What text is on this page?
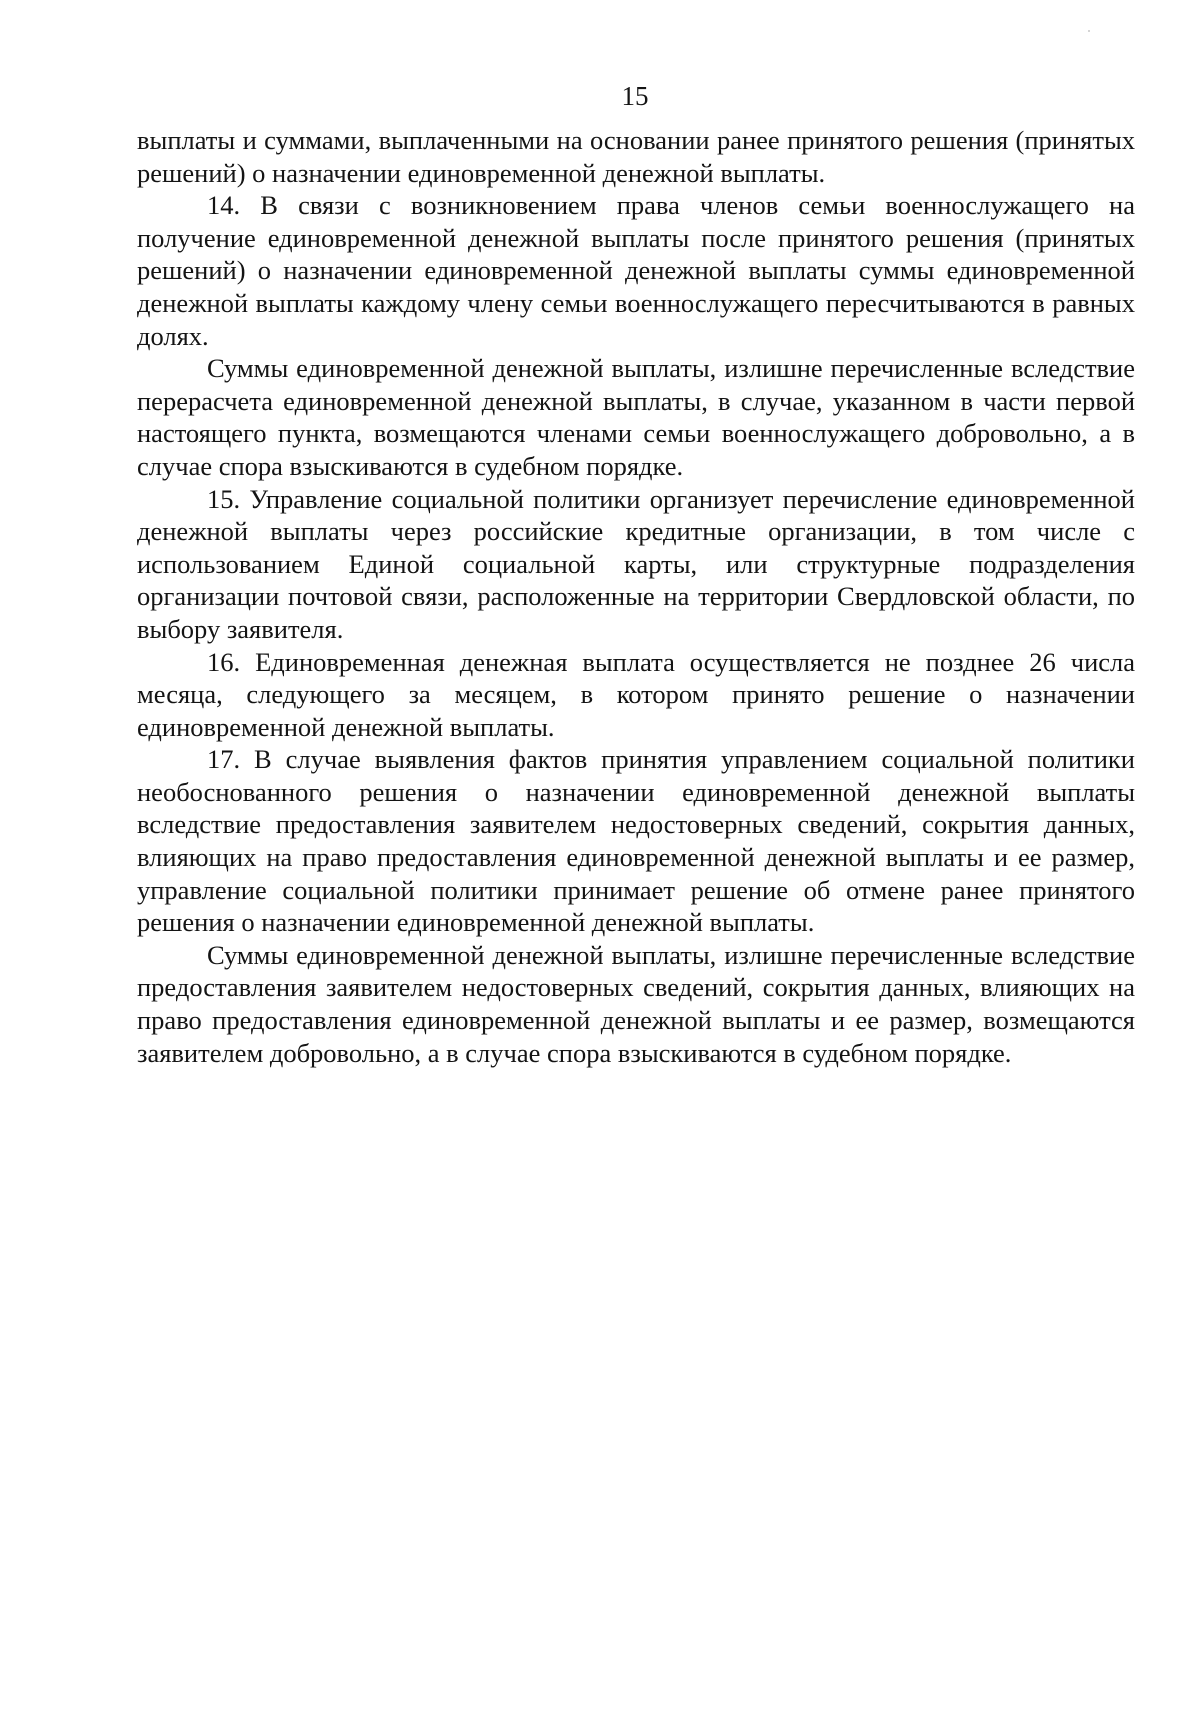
15

выплаты и суммами, выплаченными на основании ранее принятого решения (принятых решений) о назначении единовременной денежной выплаты.

14. В связи с возникновением права членов семьи военнослужащего на получение единовременной денежной выплаты после принятого решения (принятых решений) о назначении единовременной денежной выплаты суммы единовременной денежной выплаты каждому члену семьи военнослужащего пересчитываются в равных долях.

Суммы единовременной денежной выплаты, излишне перечисленные вследствие перерасчета единовременной денежной выплаты, в случае, указанном в части первой настоящего пункта, возмещаются членами семьи военнослужащего добровольно, а в случае спора взыскиваются в судебном порядке.

15. Управление социальной политики организует перечисление единовременной денежной выплаты через российские кредитные организации, в том числе с использованием Единой социальной карты, или структурные подразделения организации почтовой связи, расположенные на территории Свердловской области, по выбору заявителя.

16. Единовременная денежная выплата осуществляется не позднее 26 числа месяца, следующего за месяцем, в котором принято решение о назначении единовременной денежной выплаты.

17. В случае выявления фактов принятия управлением социальной политики необоснованного решения о назначении единовременной денежной выплаты вследствие предоставления заявителем недостоверных сведений, сокрытия данных, влияющих на право предоставления единовременной денежной выплаты и ее размер, управление социальной политики принимает решение об отмене ранее принятого решения о назначении единовременной денежной выплаты.

Суммы единовременной денежной выплаты, излишне перечисленные вследствие предоставления заявителем недостоверных сведений, сокрытия данных, влияющих на право предоставления единовременной денежной выплаты и ее размер, возмещаются заявителем добровольно, а в случае спора взыскиваются в судебном порядке.
